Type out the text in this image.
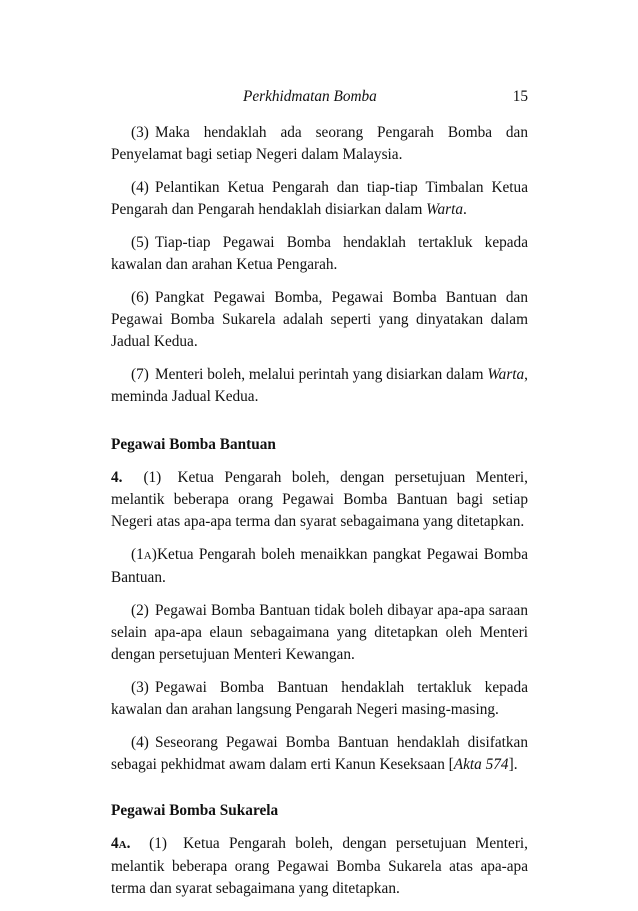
Perkhidmatan Bomba	15

(3) Maka hendaklah ada seorang Pengarah Bomba dan Penyelamat bagi setiap Negeri dalam Malaysia.

(4) Pelantikan Ketua Pengarah dan tiap-tiap Timbalan Ketua Pengarah dan Pengarah hendaklah disiarkan dalam Warta.

(5) Tiap-tiap Pegawai Bomba hendaklah tertakluk kepada kawalan dan arahan Ketua Pengarah.

(6) Pangkat Pegawai Bomba, Pegawai Bomba Bantuan dan Pegawai Bomba Sukarela adalah seperti yang dinyatakan dalam Jadual Kedua.

(7) Menteri boleh, melalui perintah yang disiarkan dalam Warta, meminda Jadual Kedua.

Pegawai Bomba Bantuan

4. (1) Ketua Pengarah boleh, dengan persetujuan Menteri, melantik beberapa orang Pegawai Bomba Bantuan bagi setiap Negeri atas apa-apa terma dan syarat sebagaimana yang ditetapkan.

(1A)Ketua Pengarah boleh menaikkan pangkat Pegawai Bomba Bantuan.

(2) Pegawai Bomba Bantuan tidak boleh dibayar apa-apa saraan selain apa-apa elaun sebagaimana yang ditetapkan oleh Menteri dengan persetujuan Menteri Kewangan.

(3) Pegawai Bomba Bantuan hendaklah tertakluk kepada kawalan dan arahan langsung Pengarah Negeri masing-masing.

(4) Seseorang Pegawai Bomba Bantuan hendaklah disifatkan sebagai pekhidmat awam dalam erti Kanun Keseksaan [Akta 574].

Pegawai Bomba Sukarela

4A. (1) Ketua Pengarah boleh, dengan persetujuan Menteri, melantik beberapa orang Pegawai Bomba Sukarela atas apa-apa terma dan syarat sebagaimana yang ditetapkan.
